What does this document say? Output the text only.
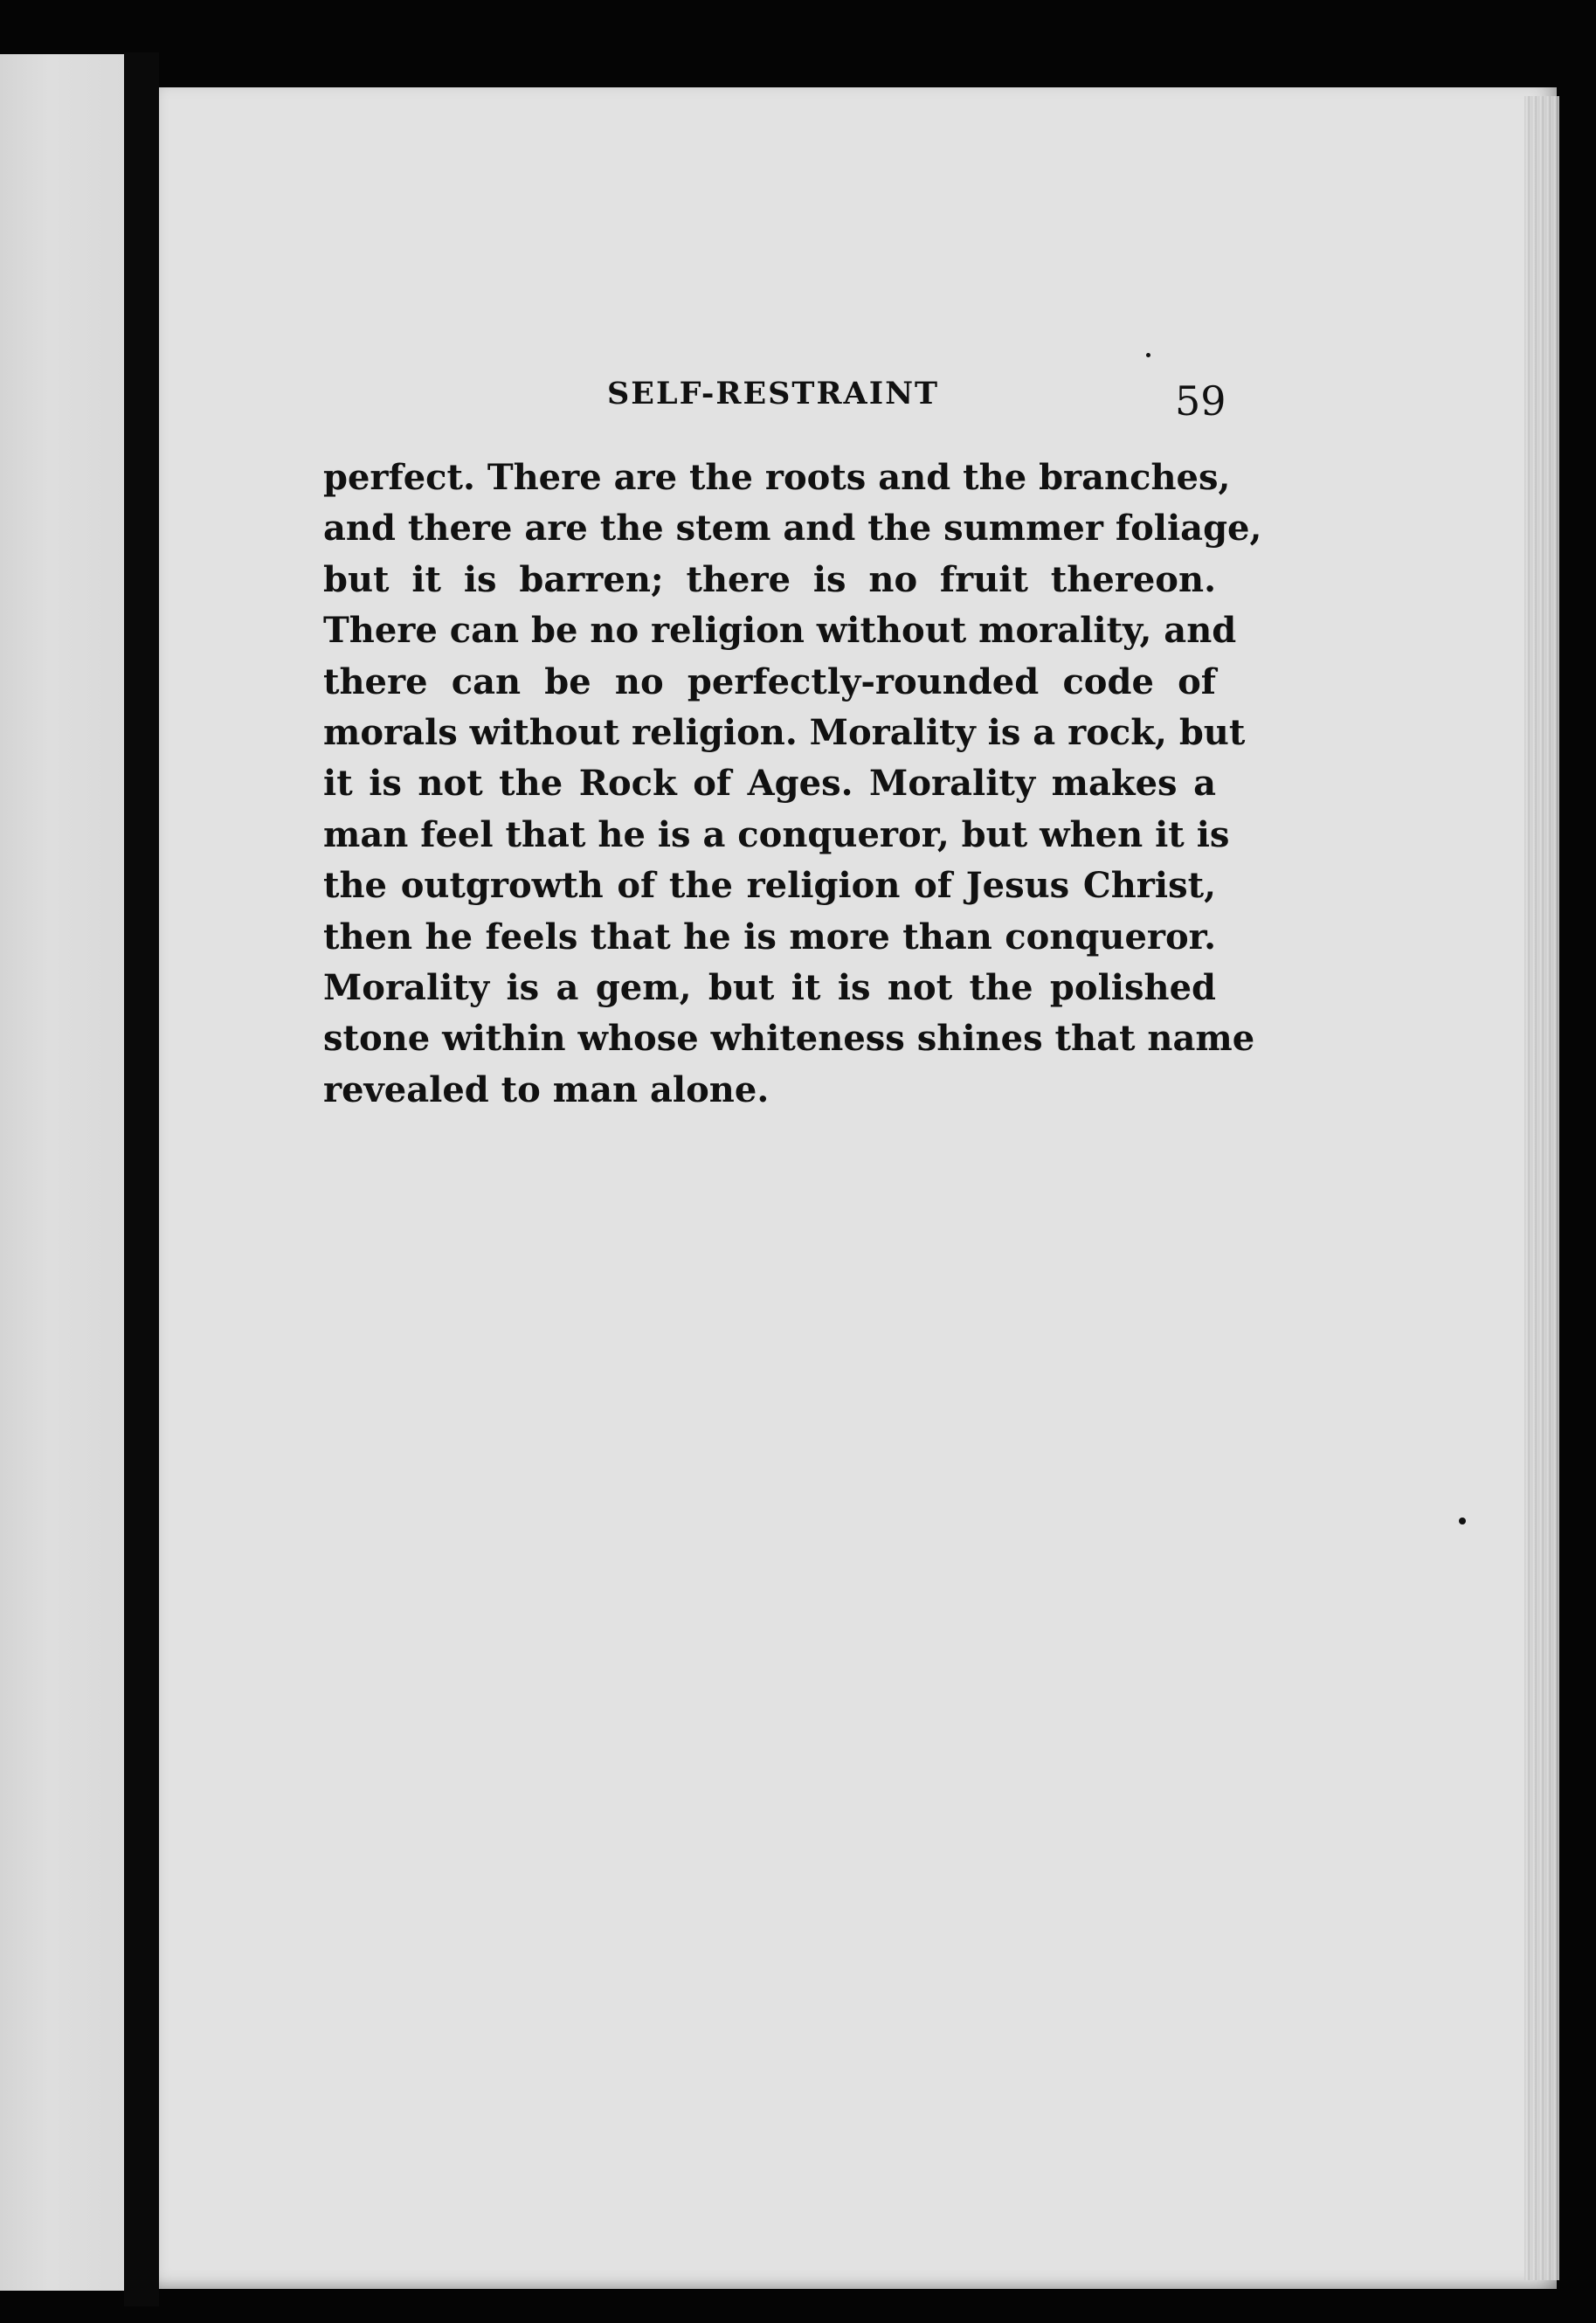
SELF-RESTRAINT	59
perfect. There are the roots and the branches,
and there are the stem and the summer foliage,
but it is barren; there is no fruit thereon.
There can be no religion without morality, and
there can be no perfectly-rounded code of
morals without religion. Morality is a rock, but
it is not the Rock of Ages. Morality makes a
man feel that he is a conqueror, but when it is
the outgrowth of the religion of Jesus Christ,
then he feels that he is more than conqueror.
Morality is a gem, but it is not the polished
stone within whose whiteness shines that name
revealed to man alone.
